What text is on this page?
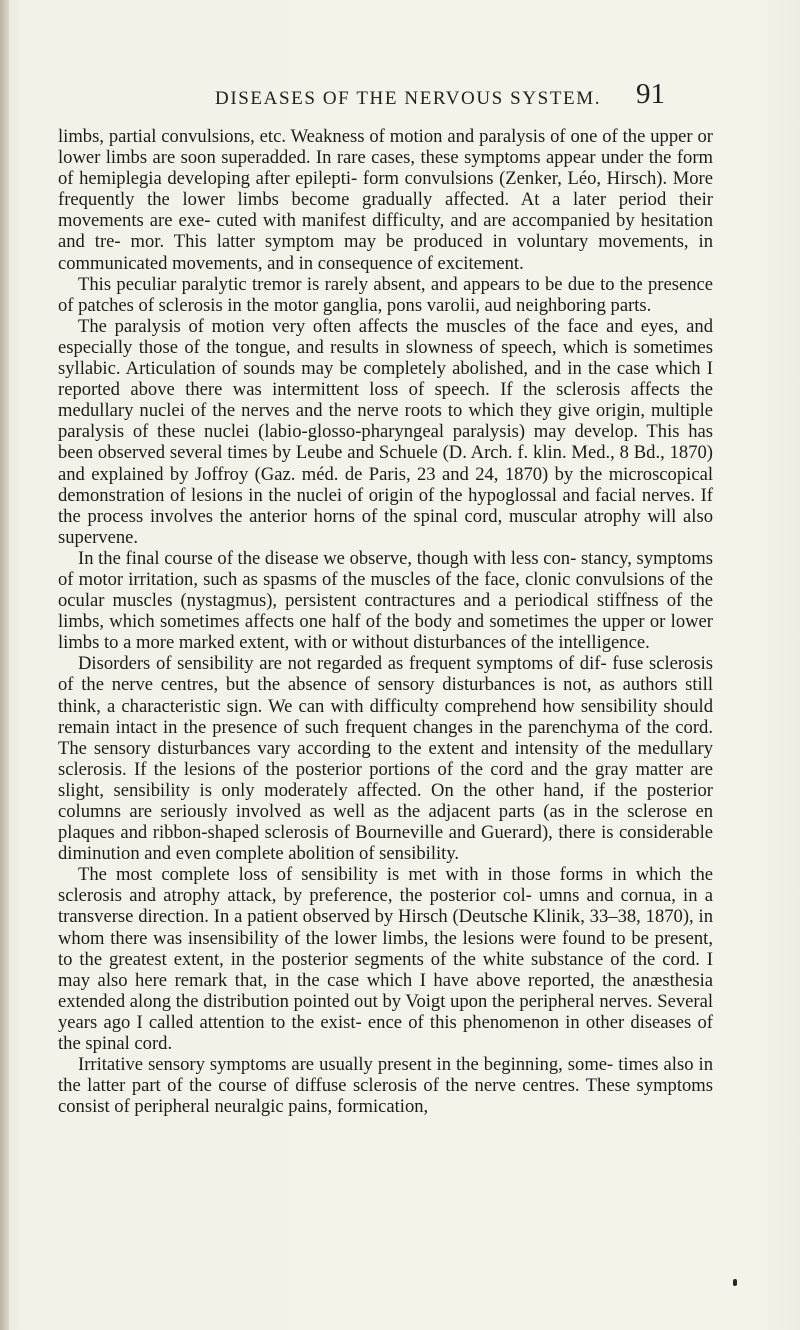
DISEASES OF THE NERVOUS SYSTEM. 91

limbs, partial convulsions, etc. Weakness of motion and paralysis of one of the upper or lower limbs are soon superadded. In rare cases, these symptoms appear under the form of hemiplegia developing after epilepti- form convulsions (Zenker, Léo, Hirsch). More frequently the lower limbs become gradually affected. At a later period their movements are exe- cuted with manifest difficulty, and are accompanied by hesitation and tre- mor. This latter symptom may be produced in voluntary movements, in communicated movements, and in consequence of excitement.

This peculiar paralytic tremor is rarely absent, and appears to be due to the presence of patches of sclerosis in the motor ganglia, pons varolii, aud neighboring parts.

The paralysis of motion very often affects the muscles of the face and eyes, and especially those of the tongue, and results in slowness of speech, which is sometimes syllabic. Articulation of sounds may be completely abolished, and in the case which I reported above there was intermittent loss of speech. If the sclerosis affects the medullary nuclei of the nerves and the nerve roots to which they give origin, multiple paralysis of these nuclei (labio-glosso-pharyngeal paralysis) may develop. This has been observed several times by Leube and Schuele (D. Arch. f. klin. Med., 8 Bd., 1870) and explained by Joffroy (Gaz. méd. de Paris, 23 and 24, 1870) by the microscopical demonstration of lesions in the nuclei of origin of the hypoglossal and facial nerves. If the process involves the anterior horns of the spinal cord, muscular atrophy will also supervene.

In the final course of the disease we observe, though with less con- stancy, symptoms of motor irritation, such as spasms of the muscles of the face, clonic convulsions of the ocular muscles (nystagmus), persistent contractures and a periodical stiffness of the limbs, which sometimes affects one half of the body and sometimes the upper or lower limbs to a more marked extent, with or without disturbances of the intelligence.

Disorders of sensibility are not regarded as frequent symptoms of dif- fuse sclerosis of the nerve centres, but the absence of sensory disturbances is not, as authors still think, a characteristic sign. We can with difficulty comprehend how sensibility should remain intact in the presence of such frequent changes in the parenchyma of the cord. The sensory disturbances vary according to the extent and intensity of the medullary sclerosis. If the lesions of the posterior portions of the cord and the gray matter are slight, sensibility is only moderately affected. On the other hand, if the posterior columns are seriously involved as well as the adjacent parts (as in the sclerose en plaques and ribbon-shaped sclerosis of Bourneville and Guerard), there is considerable diminution and even complete abolition of sensibility.

The most complete loss of sensibility is met with in those forms in which the sclerosis and atrophy attack, by preference, the posterior col- umns and cornua, in a transverse direction. In a patient observed by Hirsch (Deutsche Klinik, 33–38, 1870), in whom there was insensibility of the lower limbs, the lesions were found to be present, to the greatest extent, in the posterior segments of the white substance of the cord. I may also here remark that, in the case which I have above reported, the anæsthesia extended along the distribution pointed out by Voigt upon the peripheral nerves. Several years ago I called attention to the exist- ence of this phenomenon in other diseases of the spinal cord.

Irritative sensory symptoms are usually present in the beginning, some- times also in the latter part of the course of diffuse sclerosis of the nerve centres. These symptoms consist of peripheral neuralgic pains, formication,
